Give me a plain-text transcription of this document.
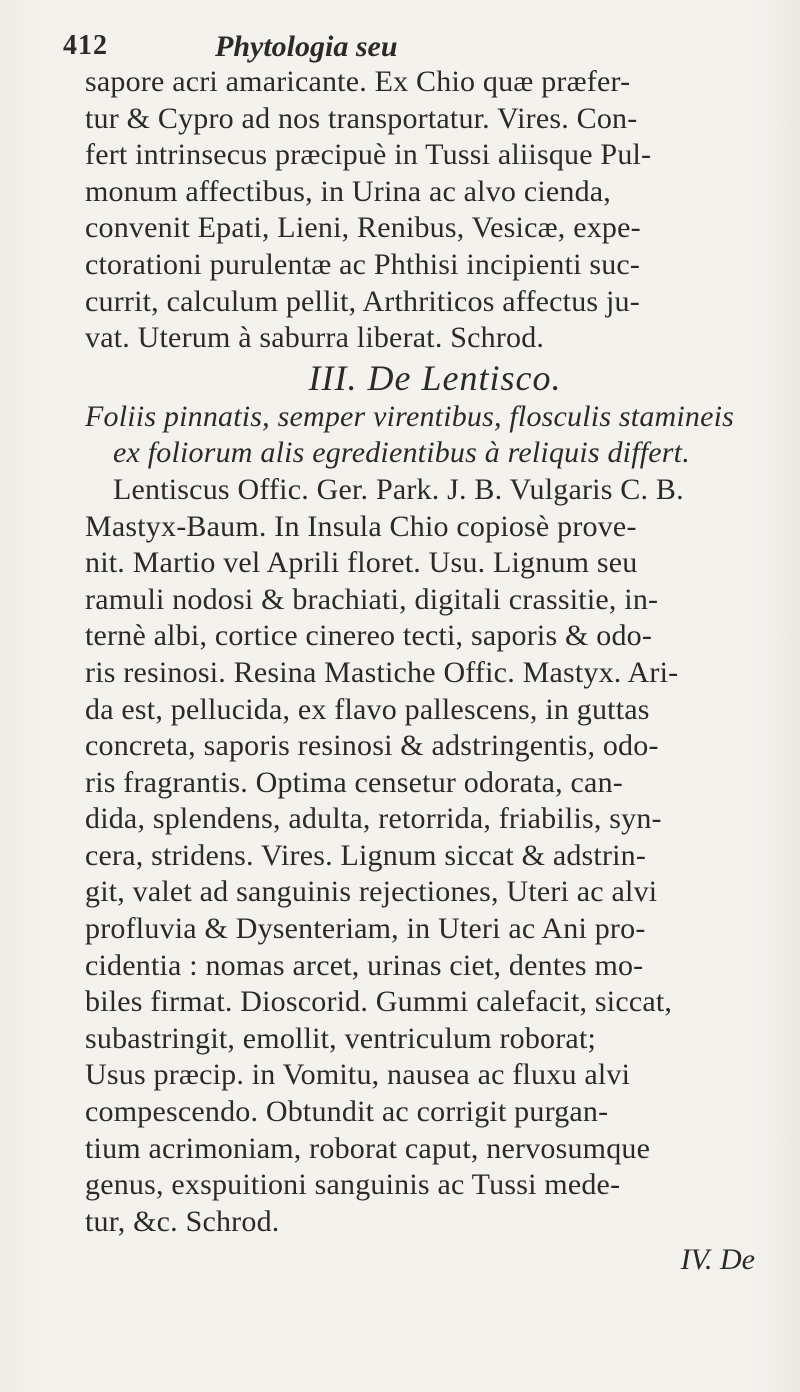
412	Phytologia seu
sapore acri amaricante. Ex Chio quæ præfer-
tur & Cypro ad nos transportatur. Vires. Con-
fert intrinsecus præcipuè in Tussi aliisque Pul-
monum affectibus, in Urina ac alvo cienda,
convenit Epati, Lieni, Renibus, Vesicæ, expe-
ctorationi purulentæ ac Phthisi incipienti suc-
currit, calculum pellit, Arthriticos affectus ju-
vat. Uterum à saburra liberat. Schrod.
III. De Lentisco.
Foliis pinnatis, semper virentibus, flosculis stamineis
ex foliorum alis egredientibus à reliquis differt.
Lentiscus Offic. Ger. Park. J. B. Vulgaris C. B.
Mastyx-Baum. In Insula Chio copiosè prove-
nit. Martio vel Aprili floret. Usu. Lignum seu
ramuli nodosi & brachiati, digitali crassitie, in-
ternè albi, cortice cinereo tecti, saporis & odo-
ris resinosi. Resina Mastiche Offic. Mastyx. Ari-
da est, pellucida, ex flavo pallescens, in guttas
concreta, saporis resinosi & adstringentis, odo-
ris fragrantis. Optima censetur odorata, can-
dida, splendens, adulta, retorrida, friabilis, syn-
cera, stridens. Vires. Lignum siccat & adstrin-
git, valet ad sanguinis rejectiones, Uteri ac alvi
profluvia & Dysenteriam, in Uteri ac Ani pro-
cidentia : nomas arcet, urinas ciet, dentes mo-
biles firmat. Dioscorid. Gummi calefacit, siccat,
subastringit, emollit, ventriculum roborat;
Usus præcip. in Vomitu, nausea ac fluxu alvi
compescendo. Obtundit ac corrigit purgan-
tium acrimoniam, roborat caput, nervosumque
genus, exspuitioni sanguinis ac Tussi mede-
tur, &c. Schrod.
IV. De
